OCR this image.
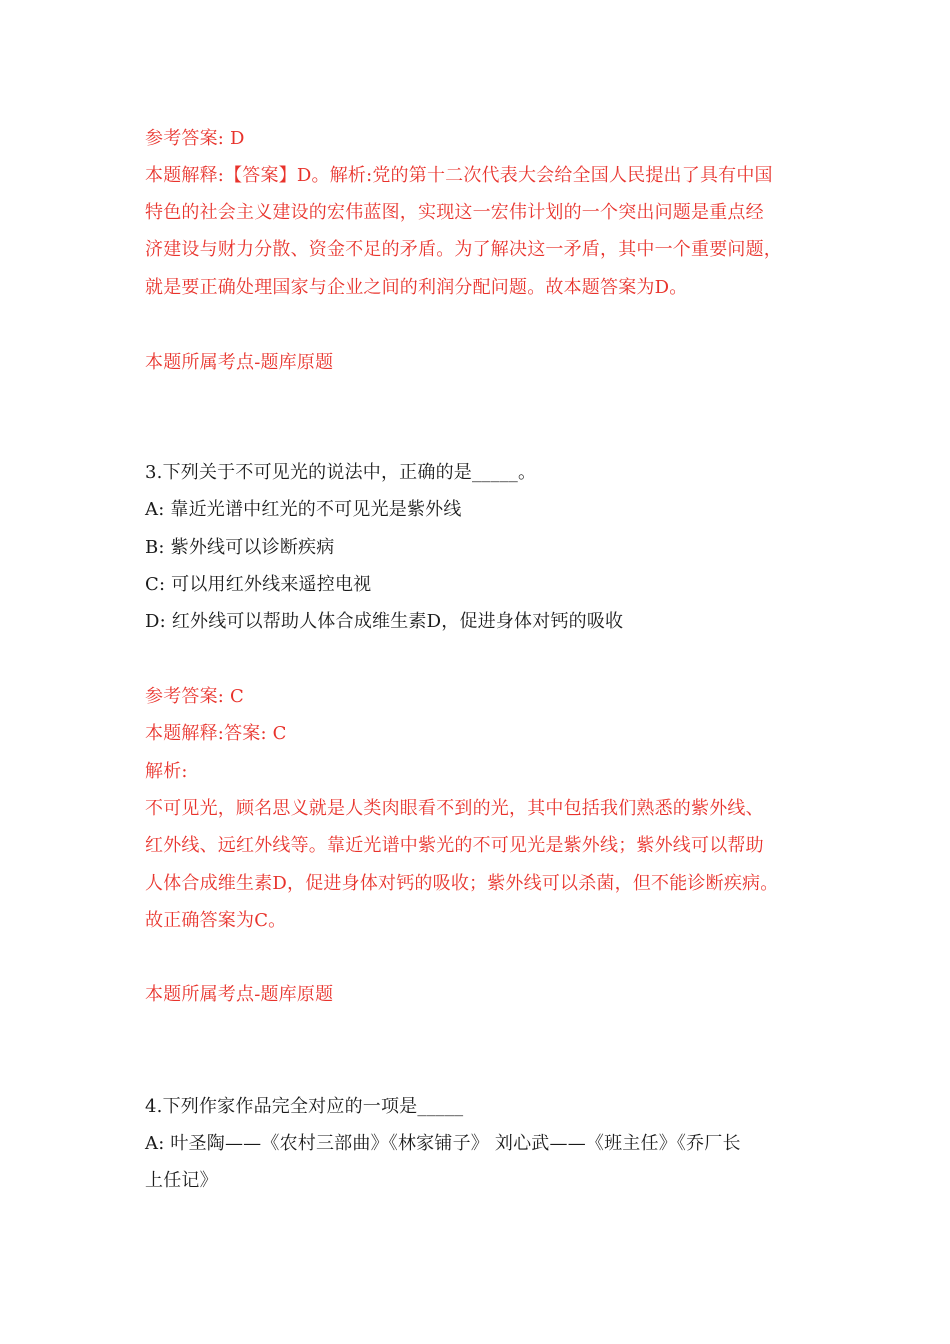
参考答案: D
本题解释:【答案】D。解析:党的第十二次代表大会给全国人民提出了具有中国
特色的社会主义建设的宏伟蓝图，实现这一宏伟计划的一个突出问题是重点经
济建设与财力分散、资金不足的矛盾。为了解决这一矛盾，其中一个重要问题，
就是要正确处理国家与企业之间的利润分配问题。故本题答案为D。
本题所属考点-题库原题
3.下列关于不可见光的说法中，正确的是_____。
A: 靠近光谱中红光的不可见光是紫外线
B: 紫外线可以诊断疾病
C: 可以用红外线来遥控电视
D: 红外线可以帮助人体合成维生素D，促进身体对钙的吸收
参考答案: C
本题解释:答案: C
解析:
不可见光，顾名思义就是人类肉眼看不到的光，其中包括我们熟悉的紫外线、
红外线、远红外线等。靠近光谱中紫光的不可见光是紫外线；紫外线可以帮助
人体合成维生素D，促进身体对钙的吸收；紫外线可以杀菌，但不能诊断疾病。
故正确答案为C。
本题所属考点-题库原题
4.下列作家作品完全对应的一项是_____
A: 叶圣陶——《农村三部曲》《林家铺子》 刘心武——《班主任》《乔厂长
上任记》
